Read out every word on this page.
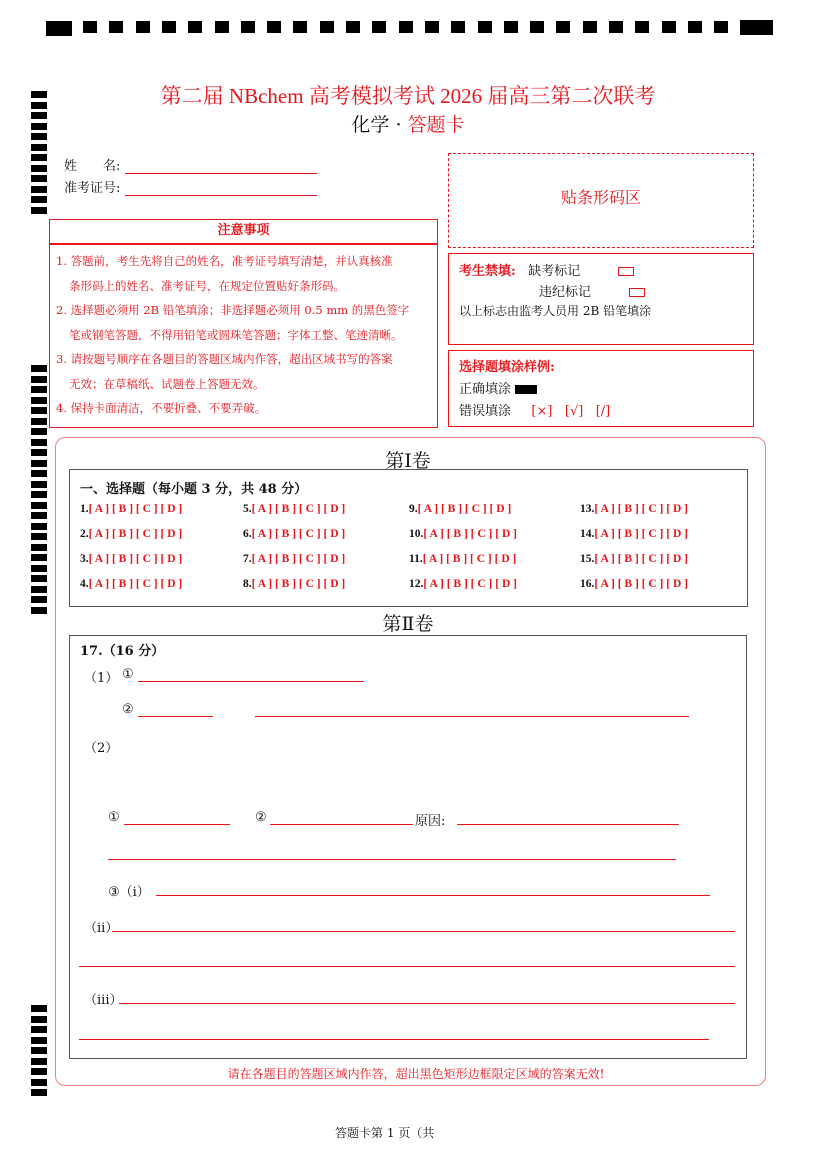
第二届 NBchem 高考模拟考试 2026 届高三第二次联考
化学 · 答题卡
姓　　名:
准考证号:
注意事项
1. 答题前，考生先将自己的姓名，准考证号填写清楚，并认真核准
条形码上的姓名、准考证号，在规定位置贴好条形码。
2. 选择题必须用 2B 铅笔填涂；非选择题必须用 0.5 mm 的黑色签字
笔或钢笔答题，不得用铅笔或圆珠笔答题；字体工整、笔迹清晰。
3. 请按题号顺序在各题目的答题区域内作答，超出区域书写的答案
无效；在草稿纸、试题卷上答题无效。
4. 保持卡面清洁，不要折叠、不要弄破。
贴条形码区
考生禁填: 缺考标记
违纪标记
以上标志由监考人员用 2B 铅笔填涂
选择题填涂样例:
正确填涂
错误填涂 [×] [√] [/]
第Ⅰ卷
一、选择题（每小题 3 分，共 48 分）
1.[ A ] [ B ] [ C ] [ D ]
2.[ A ] [ B ] [ C ] [ D ]
3.[ A ] [ B ] [ C ] [ D ]
4.[ A ] [ B ] [ C ] [ D ]
5.[ A ] [ B ] [ C ] [ D ]
6.[ A ] [ B ] [ C ] [ D ]
7.[ A ] [ B ] [ C ] [ D ]
8.[ A ] [ B ] [ C ] [ D ]
9.[ A ] [ B ] [ C ] [ D ]
10.[ A ] [ B ] [ C ] [ D ]
11.[ A ] [ B ] [ C ] [ D ]
12.[ A ] [ B ] [ C ] [ D ]
13.[ A ] [ B ] [ C ] [ D ]
14.[ A ] [ B ] [ C ] [ D ]
15.[ A ] [ B ] [ C ] [ D ]
16.[ A ] [ B ] [ C ] [ D ]
第Ⅱ卷
17.（16 分）
（1） ①
②
（2）
①	②	原因:
③（i）
（ii）
（iii）
请在各题目的答题区域内作答，超出黑色矩形边框限定区域的答案无效!
答题卡第 1 页（共
